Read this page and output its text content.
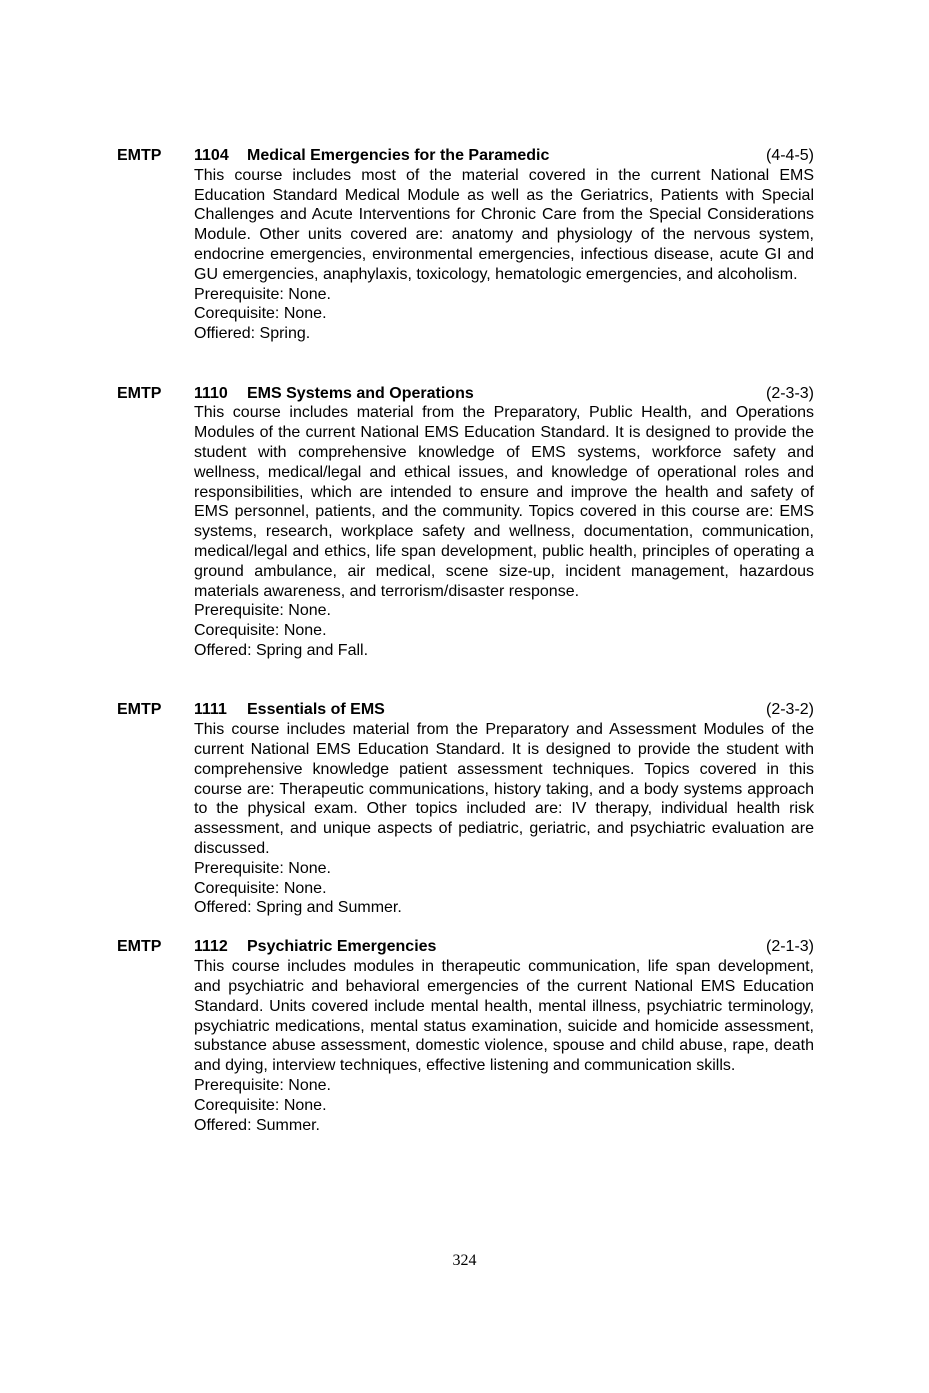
EMTP 1104 Medical Emergencies for the Paramedic	(4-4-5)

This course includes most of the material covered in the current National EMS Education Standard Medical Module as well as the Geriatrics, Patients with Special Challenges and Acute Interventions for Chronic Care from the Special Considerations Module. Other units covered are: anatomy and physiology of the nervous system, endocrine emergencies, environmental emergencies, infectious disease, acute GI and GU emergencies, anaphylaxis, toxicology, hematologic emergencies, and alcoholism.

Prerequisite: None.

Corequisite: None.

Offiered: Spring.

EMTP 1110 EMS Systems and Operations	(2-3-3)

This course includes material from the Preparatory, Public Health, and Operations Modules of the current National EMS Education Standard. It is designed to provide the student with comprehensive knowledge of EMS systems, workforce safety and wellness, medical/legal and ethical issues, and knowledge of operational roles and responsibilities, which are intended to ensure and improve the health and safety of EMS personnel, patients, and the community. Topics covered in this course are: EMS systems, research, workplace safety and wellness, documentation, communication, medical/legal and ethics, life span development, public health, principles of operating a ground ambulance, air medical, scene size-up, incident management, hazardous materials awareness, and terrorism/disaster response.

Prerequisite: None.

Corequisite: None.

Offered: Spring and Fall.

EMTP 1111 Essentials of EMS	(2-3-2)

This course includes material from the Preparatory and Assessment Modules of the current National EMS Education Standard. It is designed to provide the student with comprehensive knowledge patient assessment techniques. Topics covered in this course are: Therapeutic communications, history taking, and a body systems approach to the physical exam. Other topics included are: IV therapy, individual health risk assessment, and unique aspects of pediatric, geriatric, and psychiatric evaluation are discussed.

Prerequisite: None.

Corequisite: None.

Offered: Spring and Summer.

EMTP 1112 Psychiatric Emergencies	(2-1-3)

This course includes modules in therapeutic communication, life span development, and psychiatric and behavioral emergencies of the current National EMS Education Standard. Units covered include mental health, mental illness, psychiatric terminology, psychiatric medications, mental status examination, suicide and homicide assessment, substance abuse assessment, domestic violence, spouse and child abuse, rape, death and dying, interview techniques, effective listening and communication skills.

Prerequisite: None.

Corequisite: None.

Offered: Summer.

324
